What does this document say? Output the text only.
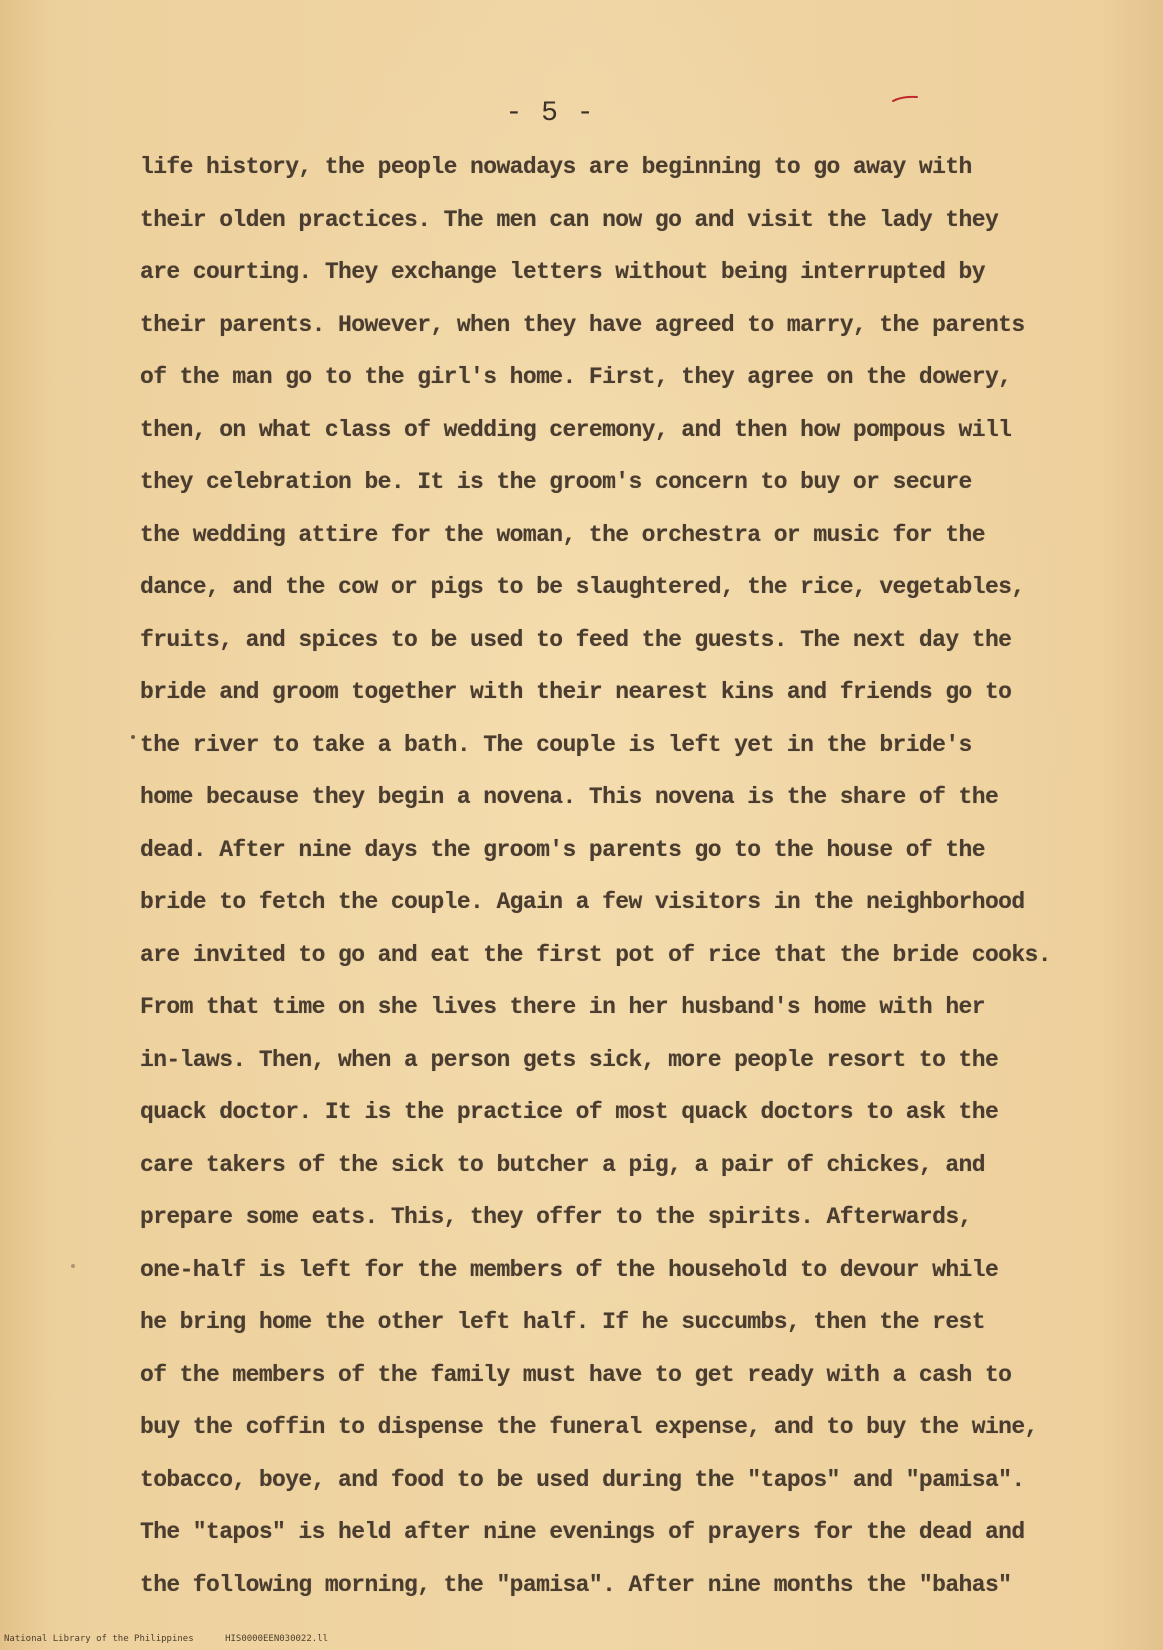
- 5 -
life history, the people nowadays are beginning to go away with
their olden practices. The men can now go and visit the lady they
are courting. They exchange letters without being interrupted by
their parents. However, when they have agreed to marry, the parents
of the man go to the girl's home. First, they agree on the dowery,
then, on what class of wedding ceremony, and then how pompous will
they celebration be. It is the groom's concern to buy or secure
the wedding attire for the woman, the orchestra or music for the
dance, and the cow or pigs to be slaughtered, the rice, vegetables,
fruits, and spices to be used to feed the guests. The next day the
bride and groom together with their nearest kins and friends go to
the river to take a bath. The couple is left yet in the bride's
home because they begin a novena. This novena is the share of the
dead. After nine days the groom's parents go to the house of the
bride to fetch the couple. Again a few visitors in the neighborhood
are invited to go and eat the first pot of rice that the bride cooks.
From that time on she lives there in her husband's home with her
in-laws. Then, when a person gets sick, more people resort to the
quack doctor. It is the practice of most quack doctors to ask the
care takers of the sick to butcher a pig, a pair of chickes, and
prepare some eats. This, they offer to the spirits. Afterwards,
one-half is left for the members of the household to devour while
he bring home the other left half. If he succumbs, then the rest
of the members of the family must have to get ready with a cash to
buy the coffin to dispense the funeral expense, and to buy the wine,
tobacco, boye, and food to be used during the "tapos" and "pamisa".
The "tapos" is held after nine evenings of prayers for the dead and
the following morning, the "pamisa". After nine months the "bahas"
National Library of the Philippines	HIS0000EEN030022.ll
